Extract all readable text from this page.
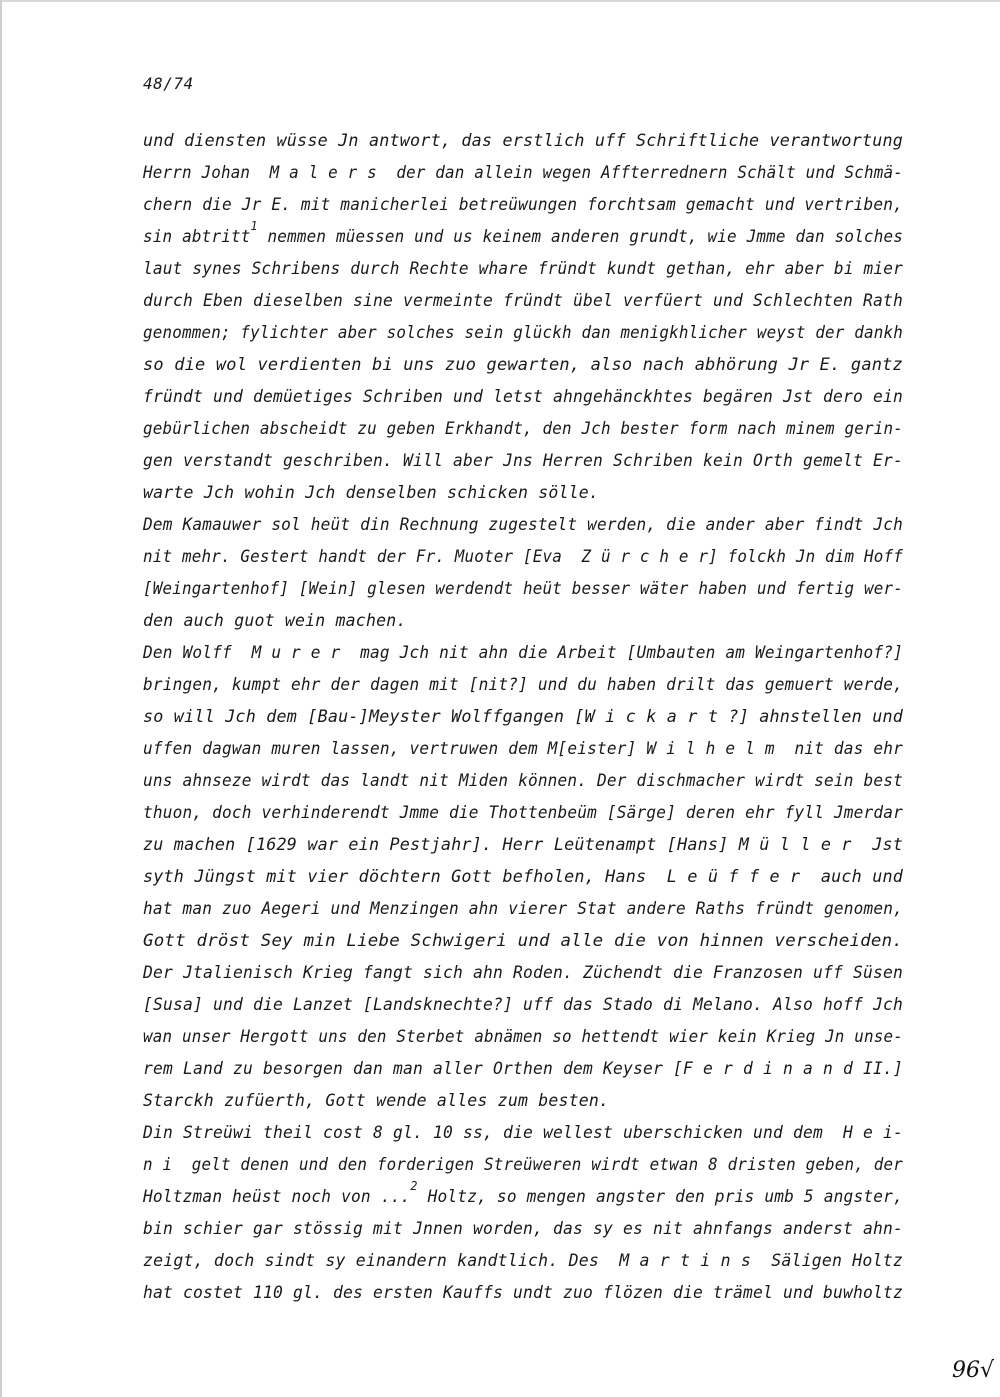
48/74
und diensten wüsse Jn antwort, das erstlich uff Schriftliche verantwortung
Herrn Johan  M a l e r s  der dan allein wegen Affterrednern Schält und Schmä-
chern die Jr E. mit manicherlei betreüwungen forchtsam gemacht und vertriben,
sin abtritt$^1$ nemmen müessen und us keinem anderen grundt, wie Jmme dan solches
laut synes Schribens durch Rechte whare fründt kundt gethan, ehr aber bi mier
durch Eben dieselben sine vermeinte fründt übel verfüert und Schlechten Rath
genommen; fylichter aber solches sein glückh dan menigkhlicher weyst der dankh
so die wol verdienten bi uns zuo gewarten, also nach abhörung Jr E. gantz
fründt und demüetiges Schriben und letst ahngehänckhtes begären Jst dero ein
gebürlichen abscheidt zu geben Erkhandt, den Jch bester form nach minem gerin-
gen verstandt geschriben. Will aber Jns Herren Schriben kein Orth gemelt Er-
warte Jch wohin Jch denselben schicken sölle.
Dem Kamauwer sol heüt din Rechnung zugestelt werden, die ander aber findt Jch
nit mehr. Gestert handt der Fr. Muoter [Eva  Z ü r c h e r] folckh Jn dim Hoff
[Weingartenhof] [Wein] glesen werdendt heüt besser wäter haben und fertig wer-
den auch guot wein machen.
Den Wolff  M u r e r  mag Jch nit ahn die Arbeit [Umbauten am Weingartenhof?]
bringen, kumpt ehr der dagen mit [nit?] und du haben drilt das gemuert werde,
so will Jch dem [Bau-]Meyster Wolffgangen [W i c k a r t ?] ahnstellen und
uffen dagwan muren lassen, vertruwen dem M[eister] W i l h e l m  nit das ehr
uns ahnseze wirdt das landt nit Miden können. Der dischmacher wirdt sein best
thuon, doch verhinderendt Jmme die Thottenbeüm [Särge] deren ehr fyll Jmerdar
zu machen [1629 war ein Pestjahr]. Herr Leütenampt [Hans] M ü l l e r  Jst
syth Jüngst mit vier döchtern Gott befholen, Hans  L e ü f f e r  auch und
hat man zuo Aegeri und Menzingen ahn vierer Stat andere Raths fründt genomen,
Gott dröst Sey min Liebe Schwigeri und alle die von hinnen verscheiden.
Der Jtalienisch Krieg fangt sich ahn Roden. Züchendt die Franzosen uff Süsen
[Susa] und die Lanzet [Landsknechte?] uff das Stado di Melano. Also hoff Jch
wan unser Hergott uns den Sterbet abnämen so hettendt wier kein Krieg Jn unse-
rem Land zu besorgen dan man aller Orthen dem Keyser [F e r d i n a n d II.]
Starckh zufüerth, Gott wende alles zum besten.
Din Streüwi theil cost 8 gl. 10 ss, die wellest uberschicken und dem  H e i-
n i  gelt denen und den forderigen Streüweren wirdt etwan 8 dristen geben, der
Holtzman heüst noch von ...$^2$ Holtz, so mengen angster den pris umb 5 angster,
bin schier gar stössig mit Jnnen worden, das sy es nit ahnfangs anderst ahn-
zeigt, doch sindt sy einandern kandtlich. Des  M a r t i n s  Säligen Holtz
hat costet 110 gl. des ersten Kauffs undt zuo flözen die trämel und buwholtz
96√
